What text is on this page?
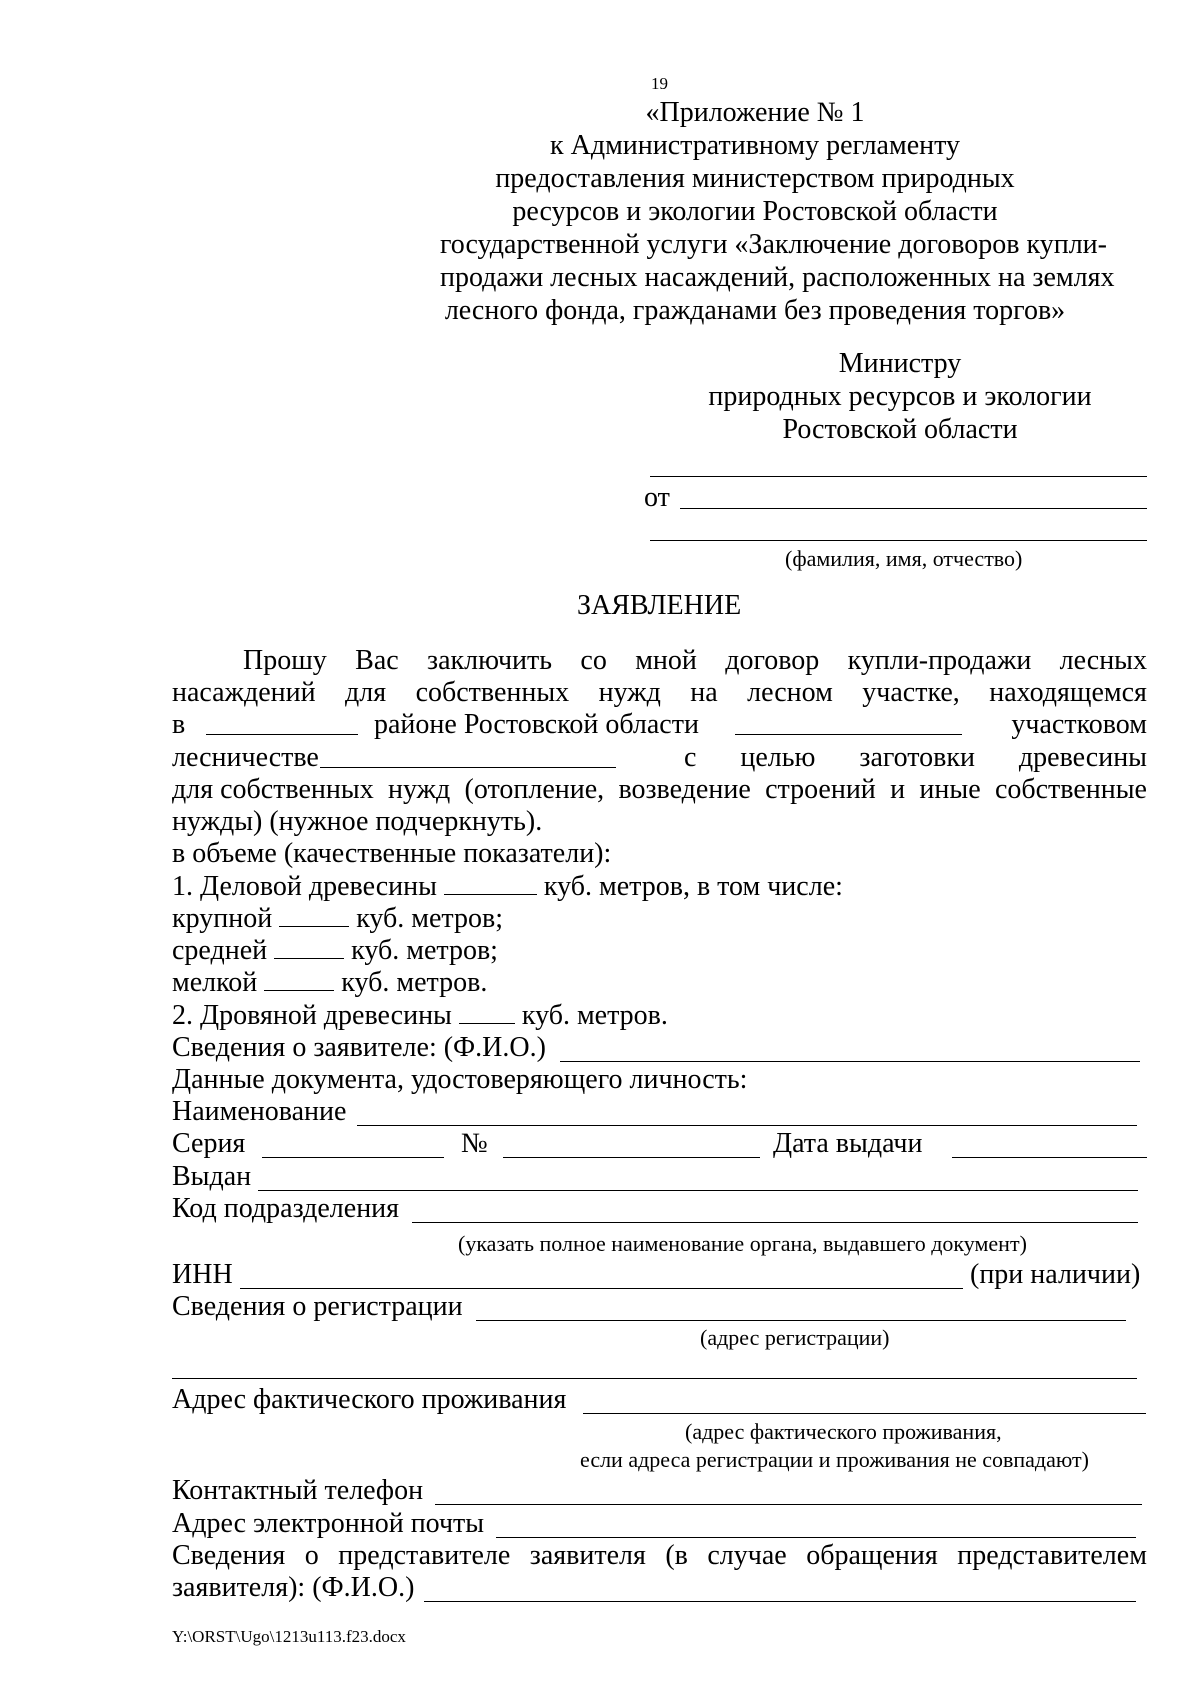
19
«Приложение № 1
к Административному регламенту
предоставления министерством природных
ресурсов и экологии Ростовской области
государственной услуги «Заключение договоров купли-
продажи лесных насаждений, расположенных на землях
лесного фонда, гражданами без проведения торгов»
Министру
природных ресурсов и экологии
Ростовской области
от
(фамилия, имя, отчество)
ЗАЯВЛЕНИЕ
Прошу Вас заключить со мной договор купли-продажи лесных
насаждений для собственных нужд на лесном участке, находящемся
в	районе Ростовской области	участковом
лесничестве	с целью заготовки древесины
для собственных нужд (отопление, возведение строений и иные собственные
нужды) (нужное подчеркнуть).
в объеме (качественные показатели):
1. Деловой древесины	куб. метров, в том числе:
крупной	куб. метров;
средней	куб. метров;
мелкой	куб. метров.
2. Дровяной древесины	куб. метров.
Сведения о заявителе: (Ф.И.О.)
Данные документа, удостоверяющего личность:
Наименование
Серия	№	Дата выдачи
Выдан
Код подразделения
(указать полное наименование органа, выдавшего документ)
ИНН	(при наличии)
Сведения о регистрации
(адрес регистрации)
Адрес фактического проживания
(адрес фактического проживания,
если адреса регистрации и проживания не совпадают)
Контактный телефон
Адрес электронной почты
Сведения о представителе заявителя (в случае обращения представителем
заявителя): (Ф.И.О.)
Y:\ORST\Ugo\1213u113.f23.docx
